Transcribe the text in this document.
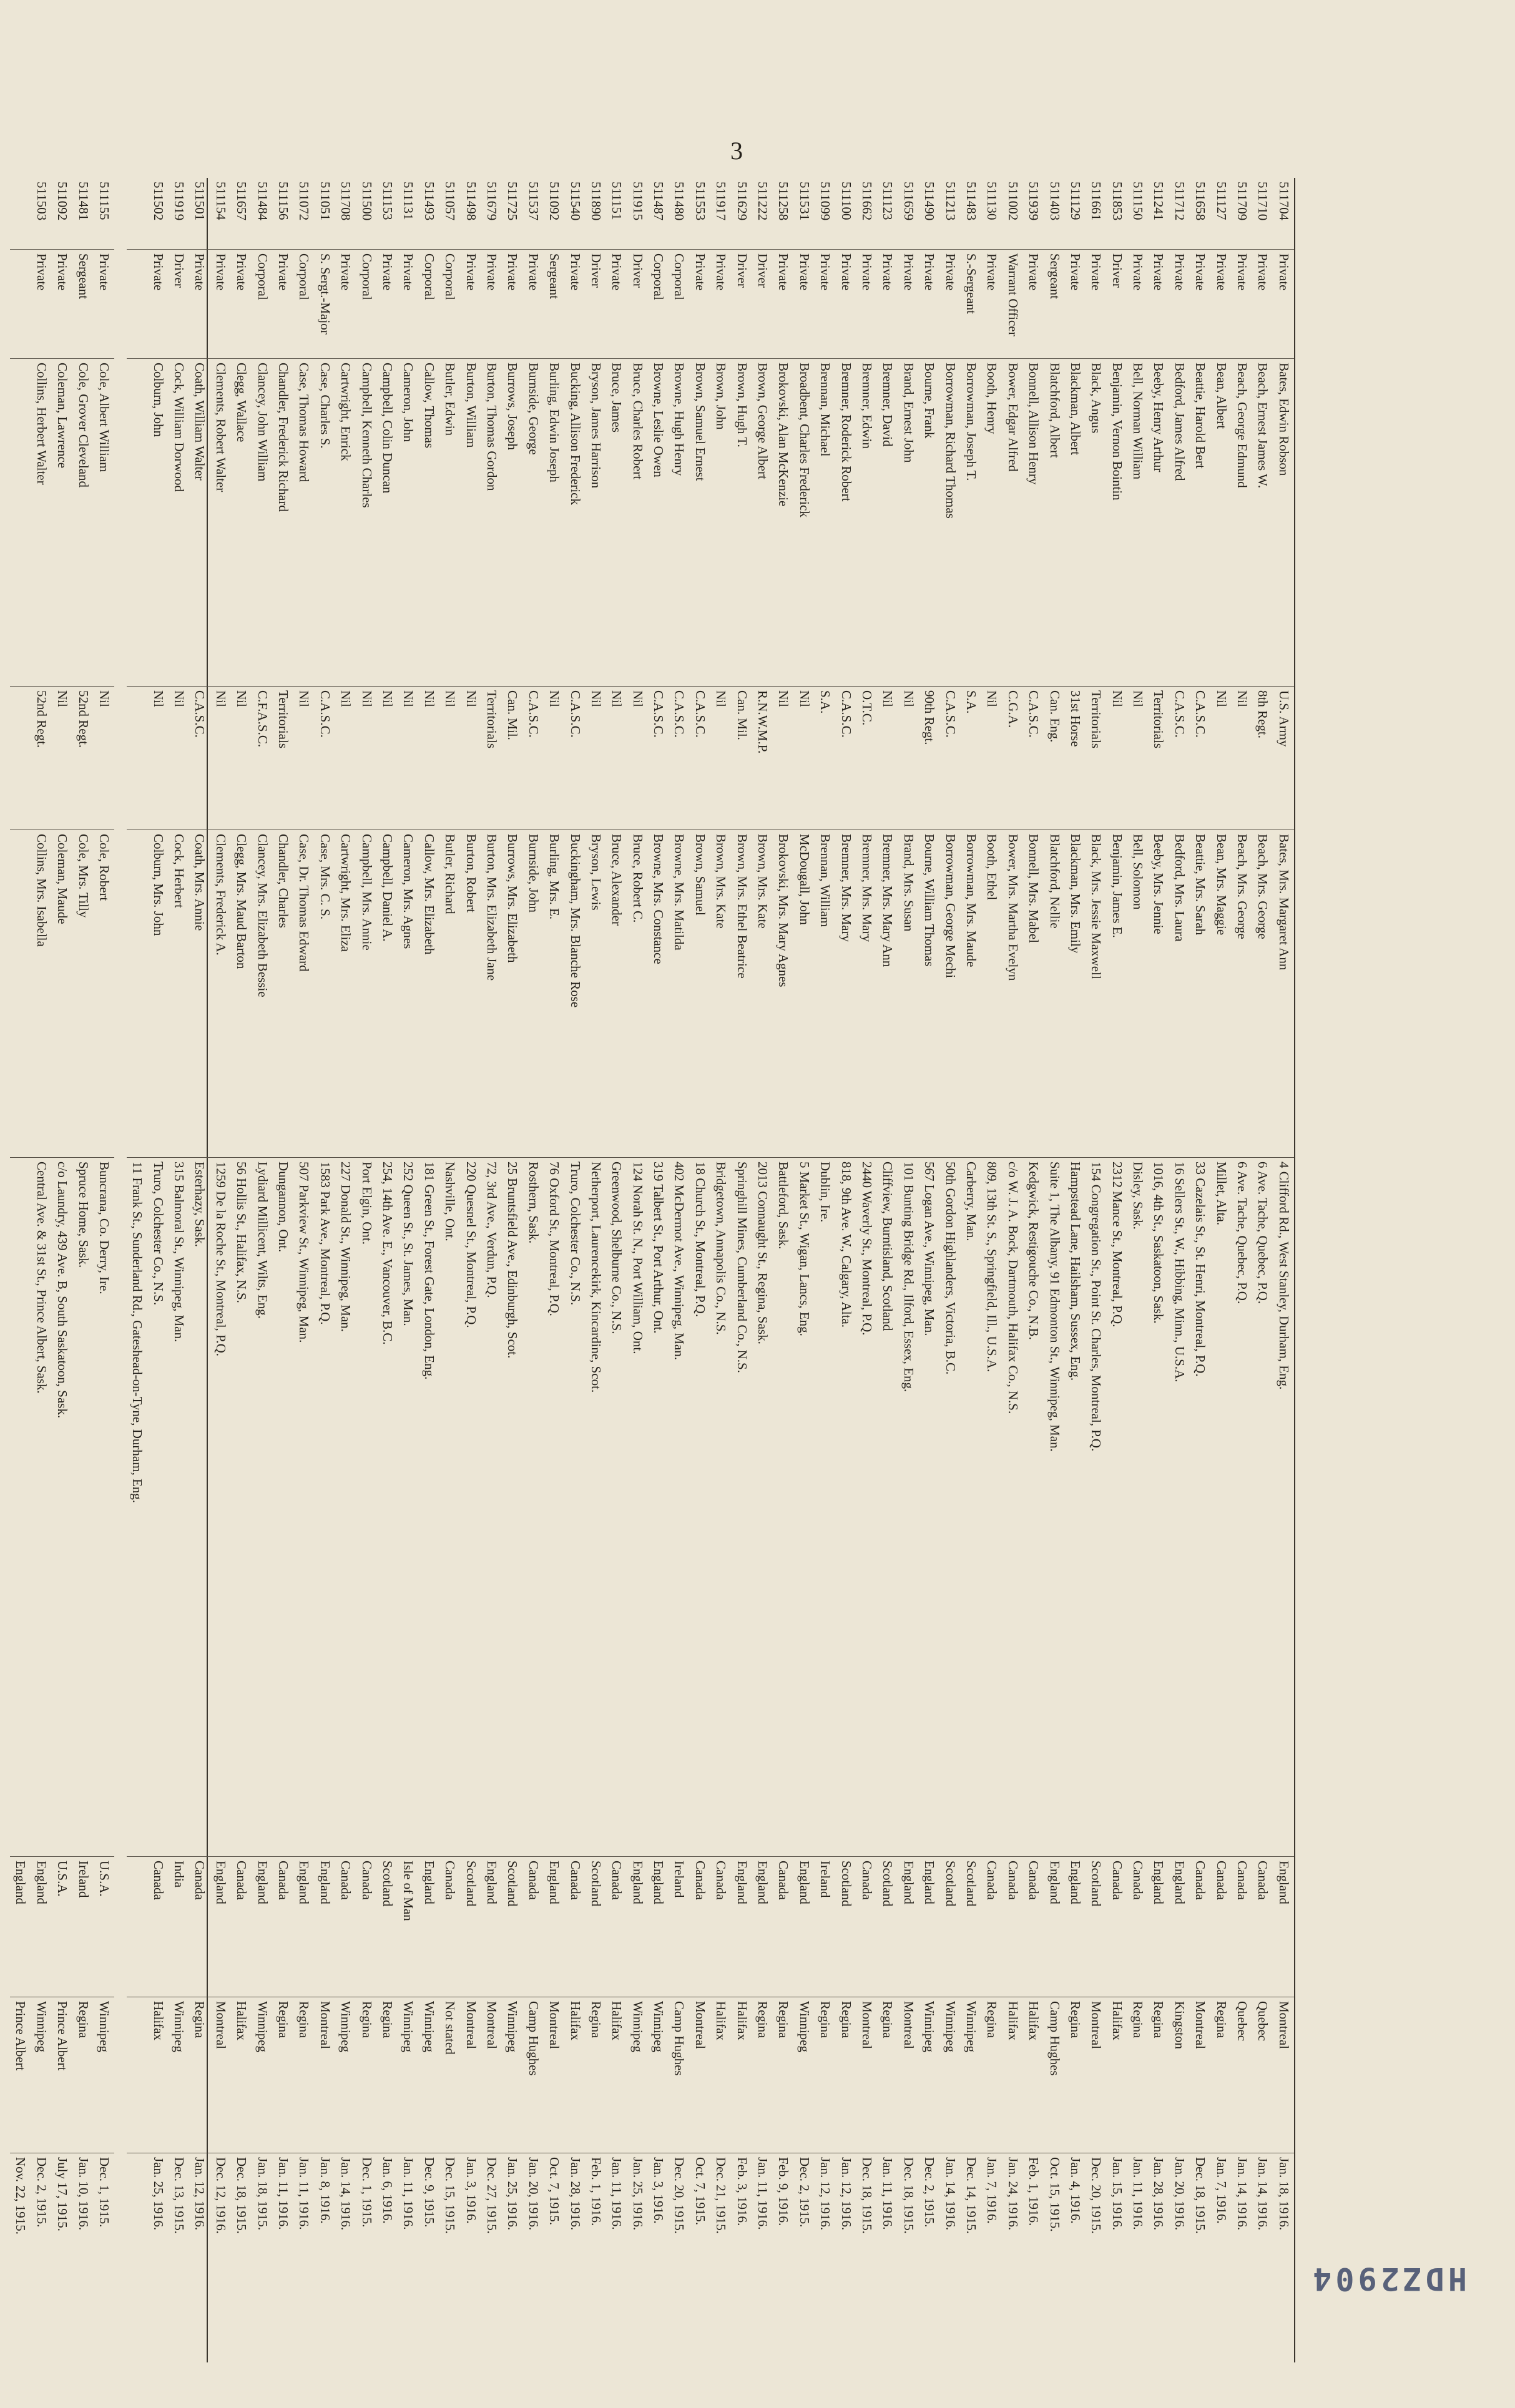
3
511704
Private
Bates, Edwin Robson
U.S. Army
Bates, Mrs. Margaret Ann
4 Clifford Rd., West Stanley, Durham, Eng.
England
Montreal
Jan. 18, 1916.
511710
Private
Beach, Ernest James W.
8th Regt.
Beach, Mrs. George
6 Ave. Tache, Quebec, P.Q.
Canada
Quebec
Jan. 14, 1916.
511709
Private
Beach, George Edmund
Nil
Beach, Mrs. George
6 Ave. Tache, Quebec, P.Q.
Canada
Quebec
Jan. 14, 1916.
511127
Private
Bean, Albert
Nil
Bean, Mrs. Maggie
Millet, Alta.
Canada
Regina
Jan. 7, 1916.
511658
Private
Beattie, Harold Bert
C.A.S.C.
Beattie, Mrs. Sarah
33 Cazelais St., St. Henri, Montreal, P.Q.
Canada
Montreal
Dec. 18, 1915.
511712
Private
Bedford, James Alfred
C.A.S.C.
Bedford, Mrs. Laura
16 Sellers St., W., Hibbing, Minn., U.S.A.
England
Kingston
Jan. 20, 1916.
511241
Private
Beeby, Henry Arthur
Territorials
Beeby, Mrs. Jennie
1016, 4th St., Saskatoon, Sask.
England
Regina
Jan. 28, 1916.
511150
Private
Bell, Norman William
Nil
Bell, Solomon
Disley, Sask.
Canada
Regina
Jan. 11, 1916.
511853
Driver
Benjamin, Vernon Bointin
Nil
Benjamin, James E.
2312 Mance St., Montreal, P.Q.
Canada
Halifax
Jan. 15, 1916.
511661
Private
Black, Angus
Territorials
Black, Mrs. Jessie Maxwell
154 Congregation St., Point St. Charles, Montreal, P.Q.
Scotland
Montreal
Dec. 20, 1915.
511129
Private
Blackman, Albert
31st Horse
Blackman, Mrs. Emily
Hampstead Lane, Hailsham, Sussex, Eng.
England
Regina
Jan. 4, 1916.
511403
Sergeant
Blatchford, Albert
Can. Eng.
Blatchford, Nellie
Suite 1, The Albany, 91 Edmonton St., Winnipeg, Man.
England
Camp Hughes
Oct. 15, 1915.
511939
Private
Bonnell, Allison Henry
C.A.S.C.
Bonnell, Mrs. Mabel
Kedgwick, Restigouche Co., N.B.
Canada
Halifax
Feb. 1, 1916.
511002
Warrant Officer
Bower, Edgar Alfred
C.G.A.
Bower, Mrs. Martha Evelyn
c/o W. J. A. Bock, Dartmouth, Halifax Co., N.S.
Canada
Halifax
Jan. 24, 1916.
511130
Private
Booth, Henry
Nil
Booth, Ethel
809, 13th St. S., Springfield, Ill., U.S.A.
Canada
Regina
Jan. 7, 1916.
511483
S.-Sergeant
Borrowman, Joseph T.
S.A.
Borrowman, Mrs. Maude
Carberry, Man.
Scotland
Winnipeg
Dec. 14, 1915.
511213
Private
Borrowman, Richard Thomas
C.A.S.C.
Borrowman, George Mechi
50th Gordon Highlanders, Victoria, B.C.
Scotland
Winnipeg
Jan. 14, 1916.
511490
Private
Bourne, Frank
90th Regt.
Bourne, William Thomas
567 Logan Ave., Winnipeg, Man.
England
Winnipeg
Dec. 2, 1915.
511659
Private
Brand, Ernest John
Nil
Brand, Mrs. Susan
101 Bunting Bridge Rd., Ilford, Essex, Eng.
England
Montreal
Dec. 18, 1915.
511123
Private
Bremner, David
Nil
Bremner, Mrs. Mary Ann
Cliffview, Burntisland, Scotland
Scotland
Regina
Jan. 11, 1916.
511662
Private
Bremner, Edwin
O.T.C.
Bremner, Mrs. Mary
2440 Waverly St., Montreal, P.Q.
Canada
Montreal
Dec. 18, 1915.
511100
Private
Bremner, Roderick Robert
C.A.S.C.
Bremner, Mrs. Mary
818, 9th Ave. W., Calgary, Alta.
Scotland
Regina
Jan. 12, 1916.
511099
Private
Brennan, Michael
S.A.
Brennan, William
Dublin, Ire.
Ireland
Regina
Jan. 12, 1916.
511531
Private
Broadbent, Charles Frederick
Nil
McDougall, John
5 Market St., Wigan, Lancs, Eng.
England
Winnipeg
Dec. 2, 1915.
511258
Private
Brokovski, Alan McKenzie
Nil
Brokovski, Mrs. Mary Agnes
Battleford, Sask.
Canada
Regina
Feb. 9, 1916.
511222
Driver
Brown, George Albert
R.N.W.M.P.
Brown, Mrs. Kate
2013 Connaught St., Regina, Sask.
England
Regina
Jan. 11, 1916.
511629
Driver
Brown, Hugh T.
Can. Mil.
Brown, Mrs. Ethel Beatrice
Springhill Mines, Cumberland Co., N.S.
England
Halifax
Feb. 3, 1916.
511917
Private
Brown, John
Nil
Brown, Mrs. Kate
Bridgetown, Annapolis Co., N.S.
Canada
Halifax
Dec. 21, 1915.
511553
Private
Brown, Samuel Ernest
C.A.S.C.
Brown, Samuel
18 Church St., Montreal, P.Q.
Canada
Montreal
Oct. 7, 1915.
511480
Corporal
Browne, Hugh Henry
C.A.S.C.
Browne, Mrs. Matilda
402 McDermot Ave., Winnipeg, Man.
Ireland
Camp Hughes
Dec. 20, 1915.
511487
Corporal
Browne, Leslie Owen
C.A.S.C.
Browne, Mrs. Constance
319 Talbert St., Port Arthur, Ont.
England
Winnipeg
Jan. 3, 1916.
511915
Driver
Bruce, Charles Robert
Nil
Bruce, Robert C.
124 Norah St. N., Port William, Ont.
England
Winnipeg
Jan. 25, 1916.
511151
Private
Bruce, James
Nil
Bruce, Alexander
Greenwood, Shelburne Co., N.S.
Canada
Halifax
Jan. 11, 1916.
511890
Driver
Bryson, James Harrison
Nil
Bryson, Lewis
Netherport, Laurencekirk, Kincardine, Scot.
Scotland
Regina
Feb. 1, 1916.
511540
Private
Bucking, Allison Frederick
C.A.S.C.
Buckingham, Mrs. Blanche Rose
Truro, Colchester Co., N.S.
Canada
Halifax
Jan. 28, 1916.
511092
Sergeant
Burling, Edwin Joseph
Nil
Burling, Mrs. E.
76 Oxford St., Montreal, P.Q.
England
Montreal
Oct. 7, 1915.
511537
Private
Burnside, George
C.A.S.C.
Burnside, John
Rosthern, Sask.
Canada
Camp Hughes
Jan. 20, 1916.
511725
Private
Burrows, Joseph
Can. Mil.
Burrows, Mrs. Elizabeth
25 Bruntsfield Ave., Edinburgh, Scot.
Scotland
Winnipeg
Jan. 25, 1916.
511679
Private
Burton, Thomas Gordon
Territorials
Burton, Mrs. Elizabeth Jane
72, 3rd Ave., Verdun, P.Q.
England
Montreal
Dec. 27, 1915.
511498
Private
Burton, William
Nil
Burton, Robert
220 Quesnel St., Montreal, P.Q.
Scotland
Montreal
Jan. 3, 1916.
511057
Corporal
Butler, Edwin
Nil
Butler, Richard
Nashville, Ont.
Canada
Not stated
Dec. 15, 1915.
511493
Corporal
Callow, Thomas
Nil
Callow, Mrs. Elizabeth
181 Green St., Forest Gate, London, Eng.
England
Winnipeg
Dec. 9, 1915.
511131
Private
Cameron, John
Nil
Cameron, Mrs. Agnes
252 Queen St., St. James, Man.
Isle of Man
Winnipeg
Jan. 11, 1916.
511153
Private
Campbell, Colin Duncan
Nil
Campbell, Daniel A.
254, 14th Ave. E., Vancouver, B.C.
Scotland
Regina
Jan. 6, 1916.
511500
Corporal
Campbell, Kenneth Charles
Nil
Campbell, Mrs. Annie
Port Elgin, Ont.
Canada
Regina
Dec. 1, 1915.
511708
Private
Cartwright, Enrick
Nil
Cartwright, Mrs. Eliza
227 Donald St., Winnipeg, Man.
Canada
Winnipeg
Jan. 14, 1916.
511051
S. Sergt.-Major
Case, Charles S.
C.A.S.C.
Case, Mrs. C. S.
1583 Park Ave., Montreal, P.Q.
England
Montreal
Jan. 8, 1916.
511072
Corporal
Case, Thomas Howard
Nil
Case, Dr. Thomas Edward
507 Parkview St., Winnipeg, Man.
England
Regina
Jan. 11, 1916.
511156
Private
Chandler, Frederick Richard
Territorials
Chandler, Charles
Dungannon, Ont.
Canada
Regina
Jan. 11, 1916.
511484
Corporal
Clancey, John William
C.F.A.S.C.
Clancey, Mrs. Elizabeth Bessie
Lydiard Millicent, Wilts, Eng.
England
Winnipeg
Jan. 18, 1915.
511657
Private
Clegg, Wallace
Nil
Clegg, Mrs. Maud Barton
56 Hollis St., Halifax, N.S.
Canada
Halifax
Dec. 18, 1915.
511154
Private
Clements, Robert Walter
Nil
Clements, Frederick A.
1259 De la Roche St., Montreal, P.Q.
England
Montreal
Dec. 12, 1916.
511501
Private
Coath, William Walter
C.A.S.C.
Coath, Mrs. Annie
Esterhazy, Sask.
Canada
Regina
Jan. 12, 1916.
511919
Driver
Cock, William Dorwood
Nil
Cock, Herbert
315 Balmoral St., Winnipeg, Man.
India
Winnipeg
Dec. 13, 1915.
511502
Private
Colburn, John
Nil
Colburn, Mrs. John
Truro, Colchester Co., N.S.
Canada
Halifax
Jan. 25, 1916.
11 Frank St., Sunderland Rd., Gateshead-on-Tyne, Durham, Eng.
511155
Private
Cole, Albert William
Nil
Cole, Robert
Buncrana, Co. Derry, Ire.
U.S.A.
Winnipeg
Dec. 1, 1915.
511481
Sergeant
Cole, Grover Cleveland
52nd Regt.
Cole, Mrs. Tilly
Spruce Home, Sask.
Ireland
Regina
Jan. 10, 1916.
511092
Private
Coleman, Lawrence
Nil
Coleman, Maude
c/o Laundry, 439 Ave. B, South Saskatoon, Sask.
U.S.A.
Prince Albert
July 17, 1915.
511503
Private
Collins, Herbert Walter
52nd Regt.
Collins, Mrs. Isabella
Central Ave. & 31st St., Prince Albert, Sask.
England
Winnipeg
Dec. 2, 1915.
England
Prince Albert
Nov. 22, 1915.
HDZ2904
